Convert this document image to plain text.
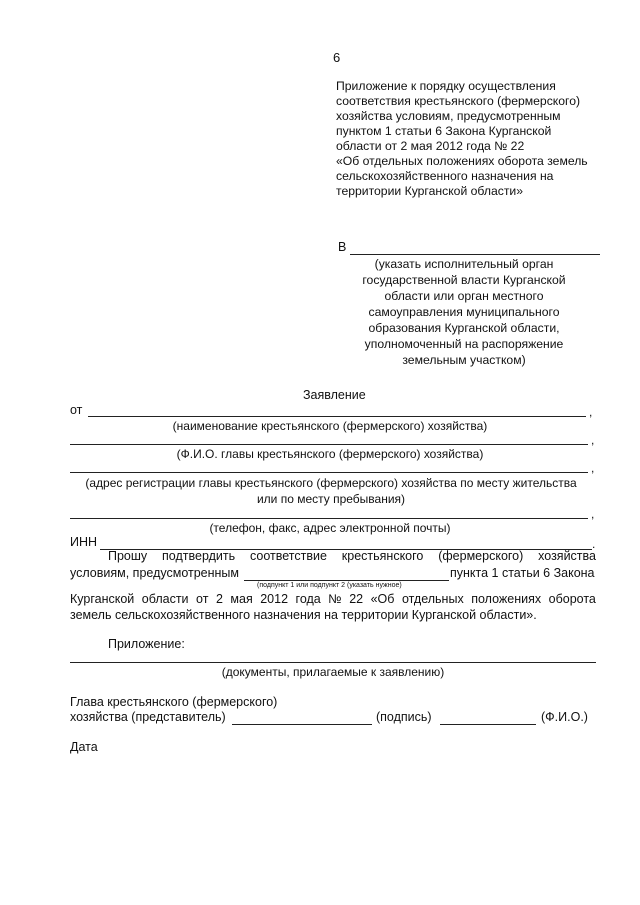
6
Приложение к порядку осуществления
соответствия крестьянского (фермерского)
хозяйства условиям, предусмотренным
пунктом 1 статьи 6 Закона Курганской
области от 2 мая 2012 года № 22
«Об отдельных положениях оборота земель
сельскохозяйственного назначения на
территории Курганской области»
В
(указать исполнительный орган
государственной власти Курганской
области или орган местного
самоуправления муниципального
образования Курганской области,
уполномоченный на распоряжение
земельным участком)
Заявление
от	,
(наименование крестьянского (фермерского) хозяйства)
,
(Ф.И.О. главы крестьянского (фермерского) хозяйства)
,
(адрес регистрации главы крестьянского (фермерского) хозяйства по месту жительства
или по месту пребывания)
,
(телефон, факс, адрес электронной почты)
ИНН	.
Прошу подтвердить соответствие крестьянского (фермерского) хозяйства
условиям, предусмотренным	пункта 1 статьи 6 Закона
(подпункт 1 или подпункт 2 (указать нужное)
Курганской области от 2 мая 2012 года № 22 «Об отдельных положениях оборота
земель сельскохозяйственного назначения на территории Курганской области».
Приложение:
(документы, прилагаемые к заявлению)
Глава крестьянского (фермерского)
хозяйства (представитель)	(подпись)	(Ф.И.О.)
Дата
